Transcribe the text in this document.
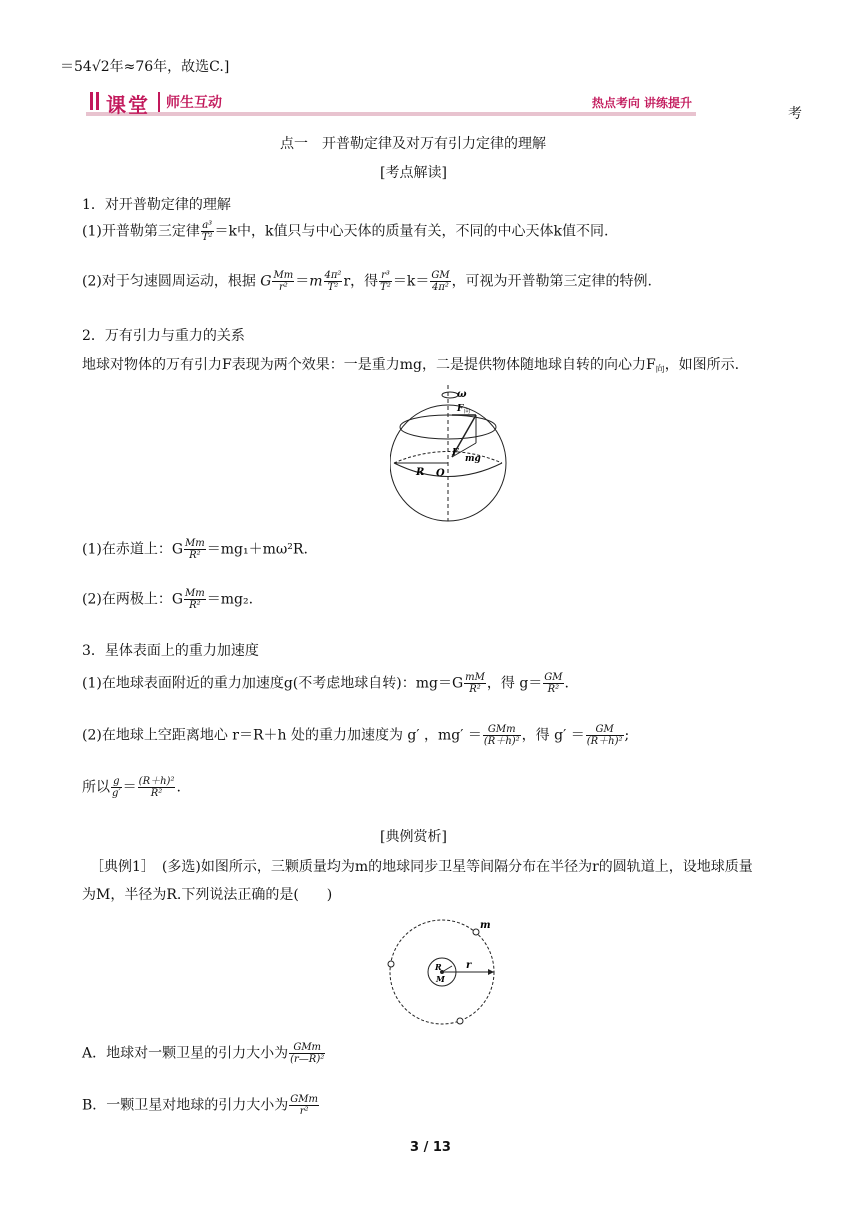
＝54√2年≈76年，故选C.]
课堂 师生互动	热点考向 讲练提升
考
点一　开普勒定律及对万有引力定律的理解
[考点解读]
1．对开普勒定律的理解
(1)开普勒第三定律 $\frac{\text{a³}}{\text{T²}} =k$中，k值只与中心天体的质量有关，不同的中心天体k值不同.
(2)对于匀速圆周运动，根据 G $\frac{Mm}{\text{r²}} =m \frac{\text{4π²}}{\text{T²}}$ r，得 $\frac{\text{r³}}{\text{T²}} =k= \frac{GM}{\text{4π²}}$ ，可视为开普勒第三定律的特例.
2．万有引力与重力的关系
地球对物体的万有引力F表现为两个效果：一是重力mg，二是提供物体随地球自转的向心力$F_向$，如图所示.
ω
F 向
F
mg
R O
(1)在赤道上：G $\frac{Mm}{\text{R²}} =mg_1+m\omega^2R$.
(2)在两极上：G $\frac{Mm}{\text{R²}} =mg_2$.
3．星体表面上的重力加速度
(1)在地球表面附近的重力加速度g(不考虑地球自转)：$mg=G \frac{mM}{\text{R²}}$ ，得 $g= \frac{GM}{\text{R²}}$ .
(2)在地球上空距离地心 r＝R＋h 处的重力加速度为 g′ ，$mg' = \frac{\text{GMm}}{\text{(R＋h)²}}$ ，得 $g' = \frac{GM}{\text{(R＋h)²}}$ ;
所以 $\frac{g}{g'} = \frac{\text{(R＋h)²}}{\text{R²}}$ .
[典例赏析]
［典例1］　(多选)如图所示，三颗质量均为m的地球同步卫星等间隔分布在半径为r的圆轨道上，设地球质量
为M，半径为R.下列说法正确的是(　　)
m
R
M
r
A．地球对一颗卫星的引力大小为 $\frac{\text{GMm}}{\text{(r—R)²}}$
B．一颗卫星对地球的引力大小为 $\frac{\text{GMm}}{\text{r²}}$
3 / 13
